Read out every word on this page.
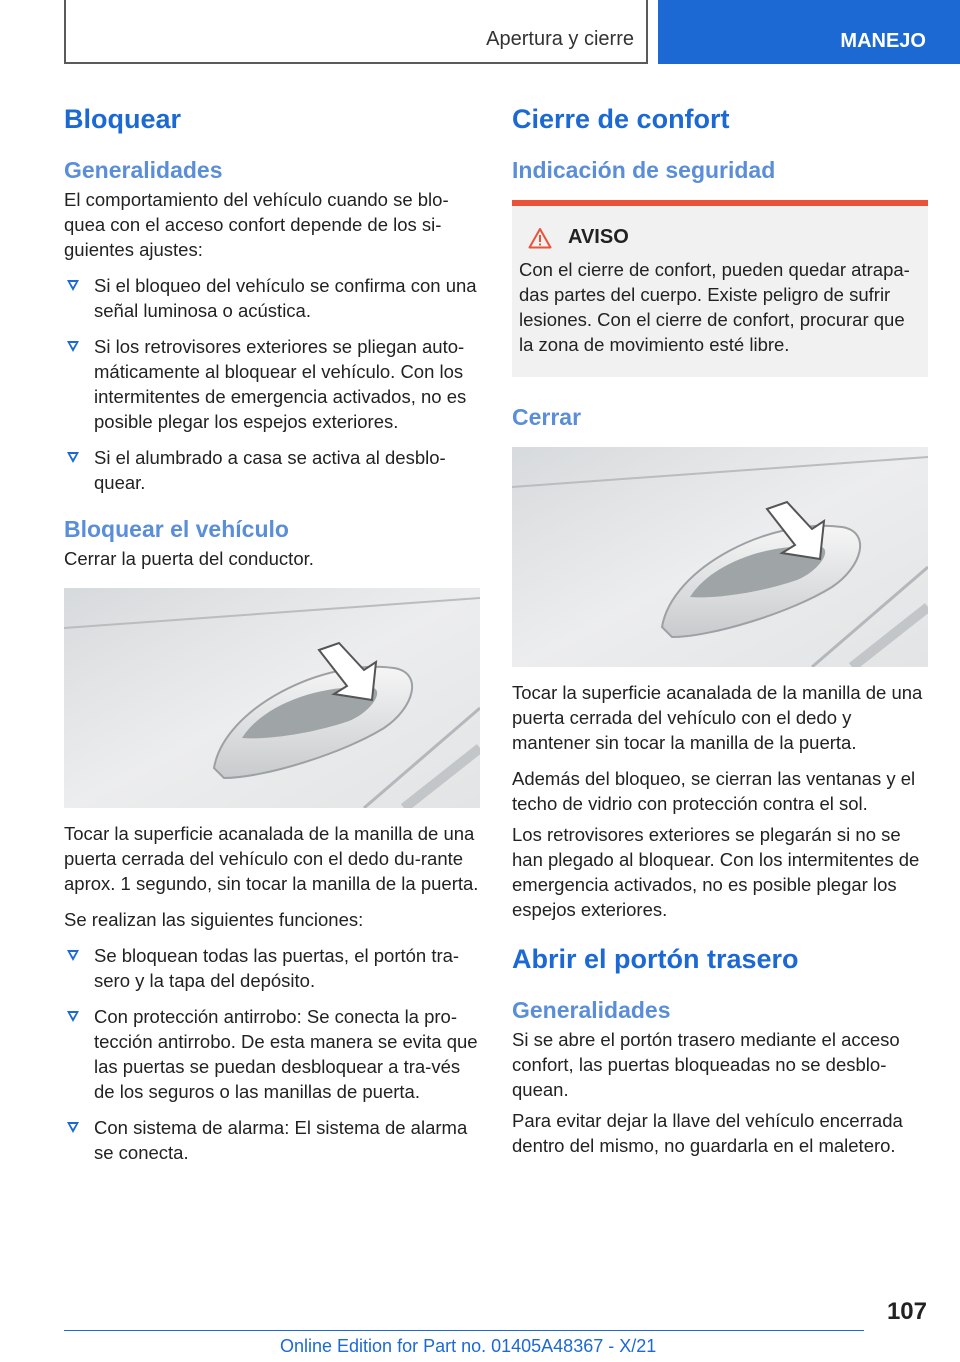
Apertura y cierre	MANEJO
Bloquear
Generalidades

El comportamiento del vehículo cuando se blo-quea con el acceso confort depende de los si-guientes ajustes:

Si el bloqueo del vehículo se confirma con una señal luminosa o acústica.
Si los retrovisores exteriores se pliegan auto-máticamente al bloquear el vehículo. Con los intermitentes de emergencia activados, no es posible plegar los espejos exteriores.
Si el alumbrado a casa se activa al desblo-quear.
Bloquear el vehículo

Cerrar la puerta del conductor.

Tocar la superficie acanalada de la manilla de una puerta cerrada del vehículo con el dedo du-rante aprox. 1 segundo, sin tocar la manilla de la puerta.

Se realizan las siguientes funciones:

Se bloquean todas las puertas, el portón tra-sero y la tapa del depósito.
Con protección antirrobo: Se conecta la pro-tección antirrobo. De esta manera se evita que las puertas se puedan desbloquear a tra-vés de los seguros o las manillas de puerta.
Con sistema de alarma: El sistema de alarma se conecta.
Cierre de confort
Indicación de seguridad
AVISO

Con el cierre de confort, pueden quedar atrapa-das partes del cuerpo. Existe peligro de sufrir lesiones. Con el cierre de confort, procurar que la zona de movimiento esté libre.

Cerrar

Tocar la superficie acanalada de la manilla de una puerta cerrada del vehículo con el dedo y mantener sin tocar la manilla de la puerta.

Además del bloqueo, se cierran las ventanas y el techo de vidrio con protección contra el sol.

Los retrovisores exteriores se plegarán si no se han plegado al bloquear. Con los intermitentes de emergencia activados, no es posible plegar los espejos exteriores.

Abrir el portón trasero
Generalidades

Si se abre el portón trasero mediante el acceso confort, las puertas bloqueadas no se desblo-quean.

Para evitar dejar la llave del vehículo encerrada dentro del mismo, no guardarla en el maletero.

107
Online Edition for Part no. 01405A48367 - X/21
